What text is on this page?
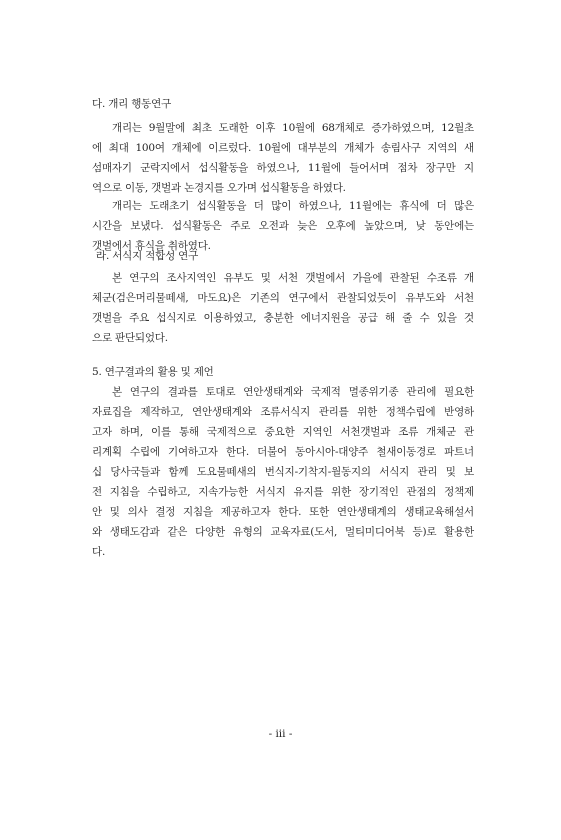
다. 개리 행동연구
개리는 9월말에 최초 도래한 이후 10월에 68개체로 증가하였으며, 12월초
에 최대 100여 개체에 이르렀다. 10월에 대부분의 개체가 송림사구 지역의 새
섬매자기 군락지에서 섭식활동을 하였으나, 11월에 들어서며 점차 장구만 지
역으로 이동, 갯벌과 논경지를 오가며 섭식활동을 하였다.
개리는 도래초기 섭식활동을 더 많이 하였으나, 11월에는 휴식에 더 많은
시간을 보냈다. 섭식활동은 주로 오전과 늦은 오후에 높았으며, 낮 동안에는
갯벌에서 휴식을 취하였다.
라. 서식지 적합성 연구
본 연구의 조사지역인 유부도 및 서천 갯벌에서 가을에 관찰된 수조류 개
체군(검은머리물떼새, 마도요)은 기존의 연구에서 관찰되었듯이 유부도와 서천
갯벌을 주요 섭식지로 이용하였고, 충분한 에너지원을 공급 해 줄 수 있을 것
으로 판단되었다.
5. 연구결과의 활용 및 제언
본 연구의 결과를 토대로 연안생태계와 국제적 멸종위기종 관리에 필요한
자료집을 제작하고, 연안생태계와 조류서식지 관리를 위한 정책수립에 반영하
고자 하며, 이를 통해 국제적으로 중요한 지역인 서천갯벌과 조류 개체군 관
리계획 수립에 기여하고자 한다. 더불어 동아시아-대양주 철새이동경로 파트너
십 당사국들과 함께 도요물떼새의 번식지-기착지-월동지의 서식지 관리 및 보
전 지침을 수립하고, 지속가능한 서식지 유지를 위한 장기적인 관점의 정책제
안 및 의사 결정 지침을 제공하고자 한다. 또한 연안생태계의 생태교육해설서
와 생태도감과 같은 다양한 유형의 교육자료(도서, 멀티미디어북 등)로 활용한
다.
- iii -
